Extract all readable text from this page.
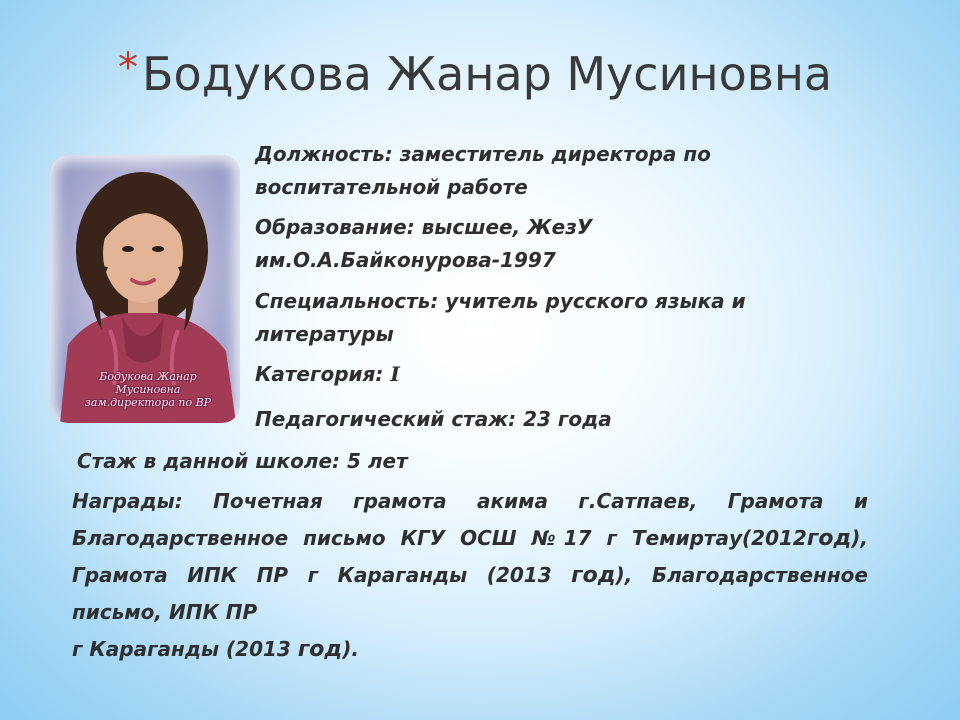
*Бодукова Жанар Мусиновна
Бодукова Жанар
Мусиновна
зам.директора по ВР
Должность: заместитель директора по
воспитательной работе
Образование: высшее, ЖезУ
им.О.А.Байконурова-1997
Специальность: учитель русского языка и
литературы
Категория: I
Педагогический стаж: 23 года
Стаж в данной школе: 5 лет
Награды: Почетная грамота акима г.Сатпаев, Грамота и Благодарственное письмо КГУ ОСШ №17 г Темиртау(2012год), Грамота ИПК ПР г Караганды (2013 год), Благодарственное письмо, ИПК ПР
г Караганды (2013 год).
